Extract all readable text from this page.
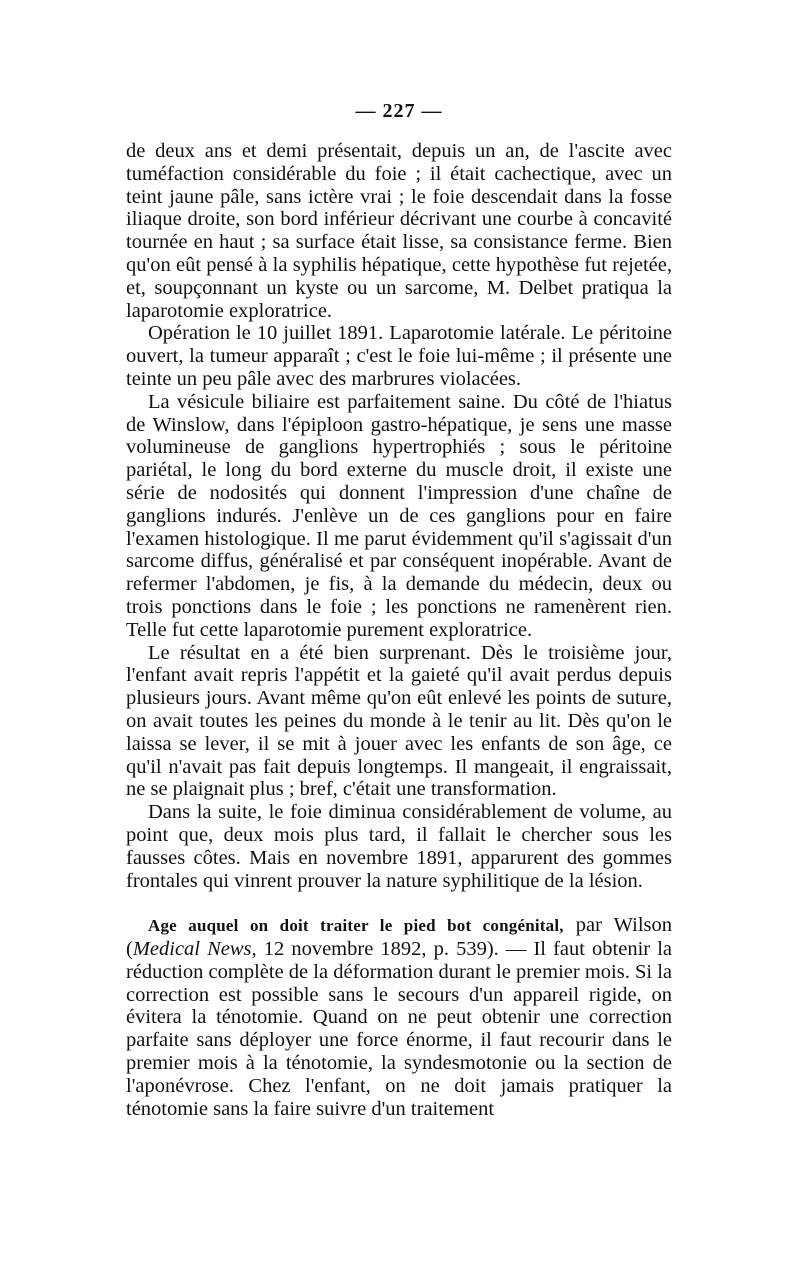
— 227 —

de deux ans et demi présentait, depuis un an, de l'ascite avec tuméfaction considérable du foie ; il était cachectique, avec un teint jaune pâle, sans ictère vrai ; le foie descendait dans la fosse iliaque droite, son bord inférieur décrivant une courbe à concavité tournée en haut ; sa surface était lisse, sa consistance ferme. Bien qu'on eût pensé à la syphilis hépatique, cette hypothèse fut rejetée, et, soupçonnant un kyste ou un sarcome, M. Delbet pratiqua la laparotomie exploratrice.

Opération le 10 juillet 1891. Laparotomie latérale. Le péritoine ouvert, la tumeur apparaît ; c'est le foie lui-même ; il présente une teinte un peu pâle avec des marbrures violacées.

La vésicule biliaire est parfaitement saine. Du côté de l'hiatus de Winslow, dans l'épiploon gastro-hépatique, je sens une masse volumineuse de ganglions hypertrophiés ; sous le péritoine pariétal, le long du bord externe du muscle droit, il existe une série de nodosités qui donnent l'impression d'une chaîne de ganglions indurés. J'enlève un de ces ganglions pour en faire l'examen histologique. Il me parut évidemment qu'il s'agissait d'un sarcome diffus, généralisé et par conséquent inopérable. Avant de refermer l'abdomen, je fis, à la demande du médecin, deux ou trois ponctions dans le foie ; les ponctions ne ramenèrent rien. Telle fut cette laparotomie purement exploratrice.

Le résultat en a été bien surprenant. Dès le troisième jour, l'enfant avait repris l'appétit et la gaieté qu'il avait perdus depuis plusieurs jours. Avant même qu'on eût enlevé les points de suture, on avait toutes les peines du monde à le tenir au lit. Dès qu'on le laissa se lever, il se mit à jouer avec les enfants de son âge, ce qu'il n'avait pas fait depuis longtemps. Il mangeait, il engraissait, ne se plaignait plus ; bref, c'était une transformation.

Dans la suite, le foie diminua considérablement de volume, au point que, deux mois plus tard, il fallait le chercher sous les fausses côtes. Mais en novembre 1891, apparurent des gommes frontales qui vinrent prouver la nature syphilitique de la lésion.

Age auquel on doit traiter le pied bot congénital, par Wilson (Medical News, 12 novembre 1892, p. 539). — Il faut obtenir la réduction complète de la déformation durant le premier mois. Si la correction est possible sans le secours d'un appareil rigide, on évitera la ténotomie. Quand on ne peut obtenir une correction parfaite sans déployer une force énorme, il faut recourir dans le premier mois à la ténotomie, la syndesmotonie ou la section de l'aponévrose. Chez l'enfant, on ne doit jamais pratiquer la ténotomie sans la faire suivre d'un traitement
